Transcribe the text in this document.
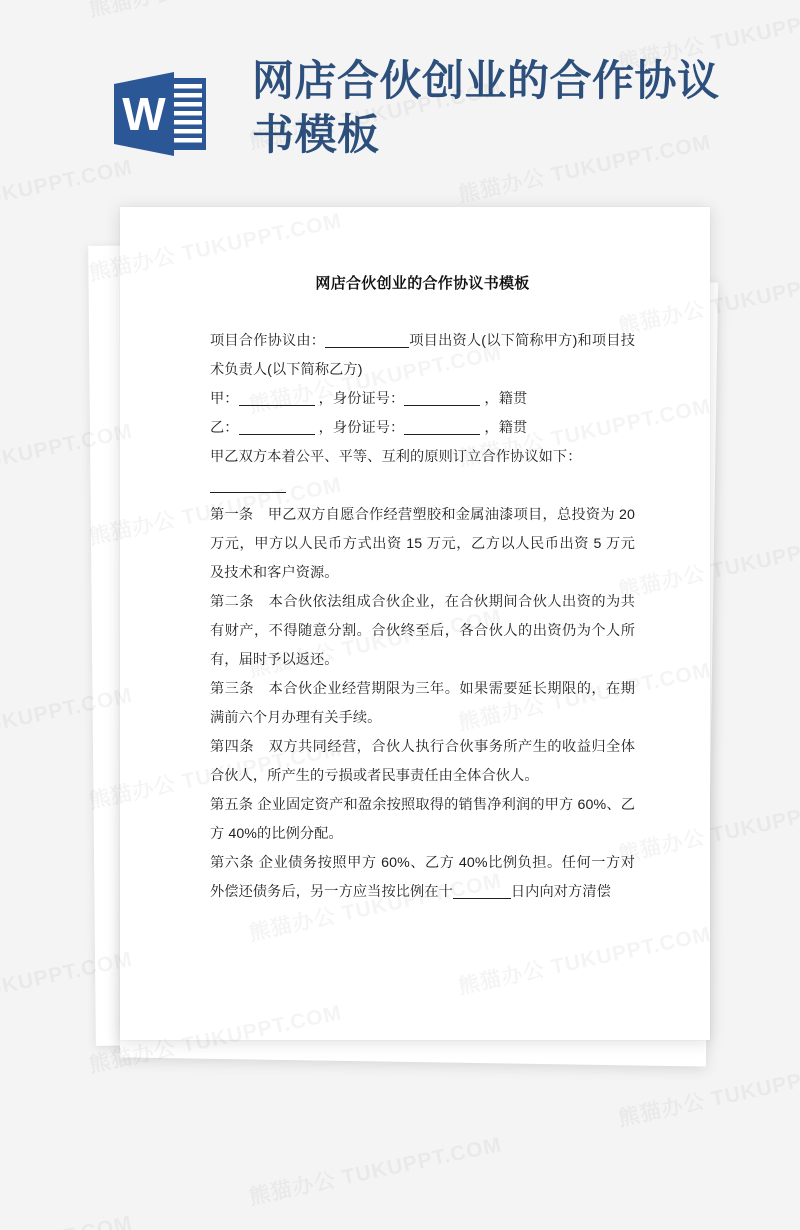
W
网店合伙创业的合作协议书模板
网店合伙创业的合作协议书模板
项目合作协议由：	项目出资人(以下简称甲方)和项目技术负责人(以下简称乙方)
甲：	，身份证号：	，籍贯
乙：	，身份证号：	，籍贯
甲乙双方本着公平、平等、互利的原则订立合作协议如下：
第一条　甲乙双方自愿合作经营塑胶和金属油漆项目，总投资为 20 万元，甲方以人民币方式出资 15 万元，乙方以人民币出资 5 万元及技术和客户资源。
第二条　本合伙依法组成合伙企业，在合伙期间合伙人出资的为共有财产，不得随意分割。合伙终至后，各合伙人的出资仍为个人所有，届时予以返还。
第三条　本合伙企业经营期限为三年。如果需要延长期限的，在期满前六个月办理有关手续。
第四条　双方共同经营，合伙人执行合伙事务所产生的收益归全体合伙人，所产生的亏损或者民事责任由全体合伙人。
第五条 企业固定资产和盈余按照取得的销售净利润的甲方 60%、乙方 40%的比例分配。
第六条 企业债务按照甲方 60%、乙方 40%比例负担。任何一方对外偿还债务后，另一方应当按比例在十	日内向对方清偿
